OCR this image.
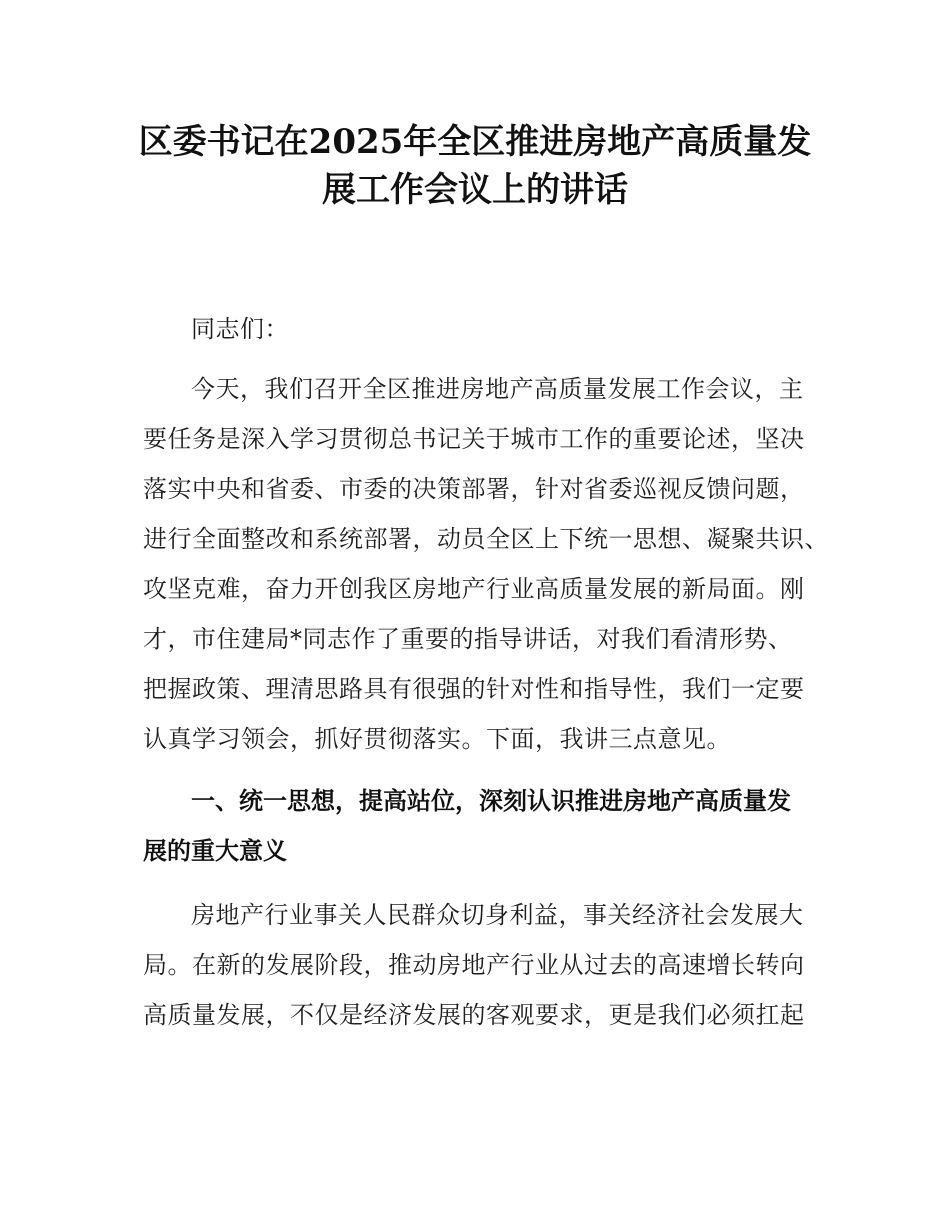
区委书记在2025年全区推进房地产高质量发
展工作会议上的讲话
同志们：
今天，我们召开全区推进房地产高质量发展工作会议，主
要任务是深入学习贯彻总书记关于城市工作的重要论述，坚决
落实中央和省委、市委的决策部署，针对省委巡视反馈问题，
进行全面整改和系统部署，动员全区上下统一思想、凝聚共识、
攻坚克难，奋力开创我区房地产行业高质量发展的新局面。刚
才，市住建局*同志作了重要的指导讲话，对我们看清形势、
把握政策、理清思路具有很强的针对性和指导性，我们一定要
认真学习领会，抓好贯彻落实。下面，我讲三点意见。
一、统一思想，提高站位，深刻认识推进房地产高质量发
展的重大意义
房地产行业事关人民群众切身利益，事关经济社会发展大
局。在新的发展阶段，推动房地产行业从过去的高速增长转向
高质量发展，不仅是经济发展的客观要求，更是我们必须扛起
